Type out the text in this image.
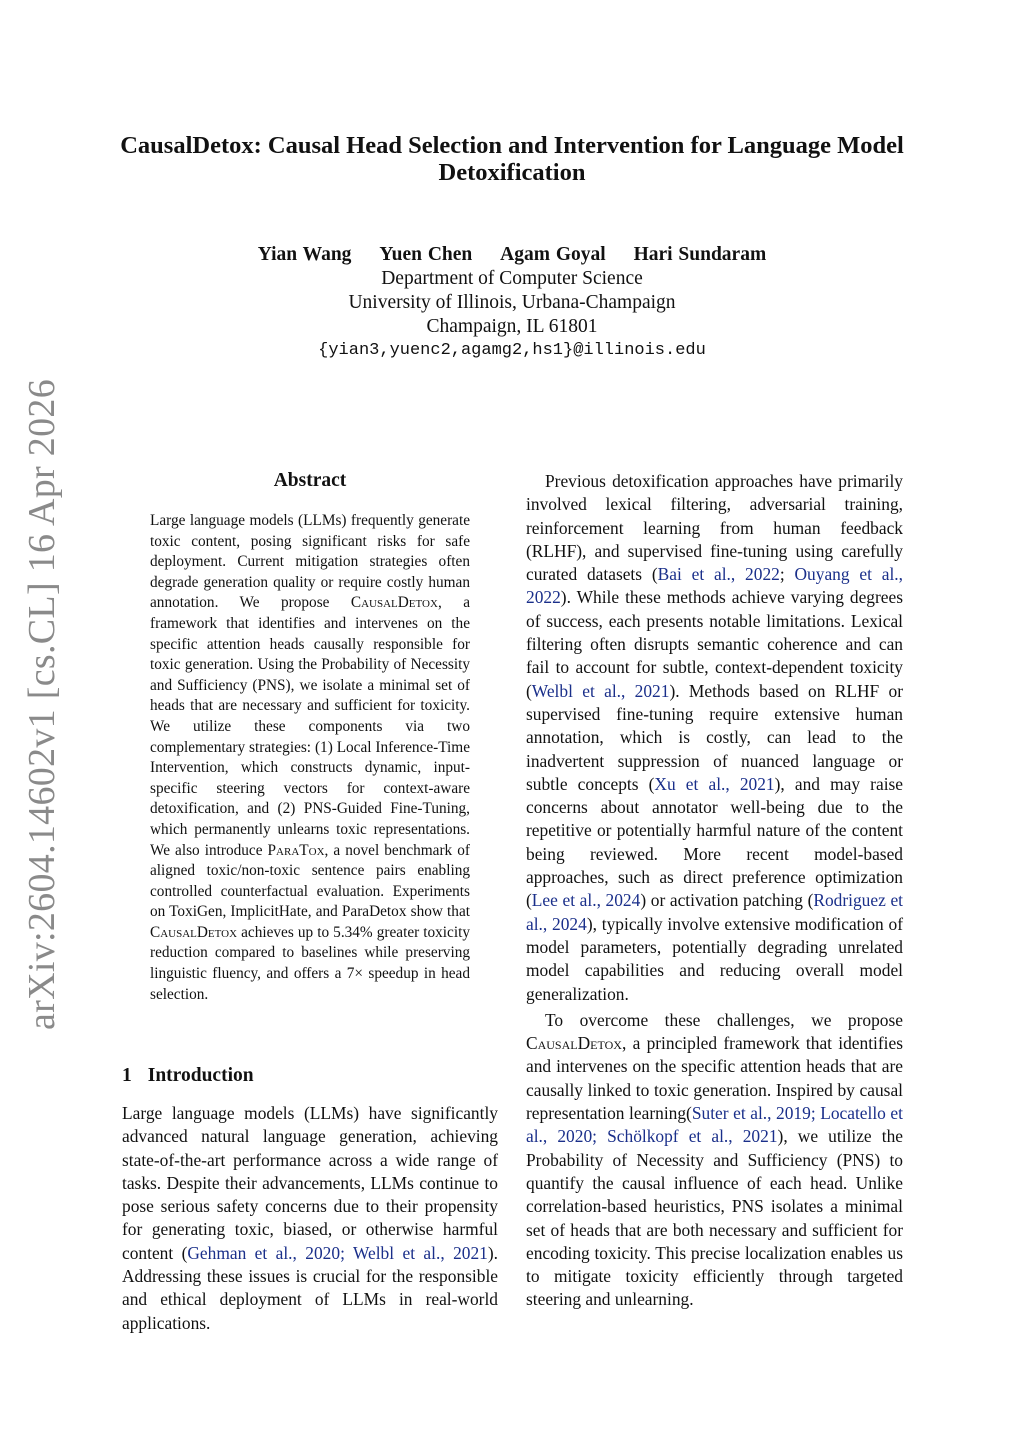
arXiv:2604.14602v1 [cs.CL] 16 Apr 2026
CausalDetox: Causal Head Selection and Intervention for Language Model Detoxification
Yian Wang Yuen Chen Agam Goyal Hari Sundaram
Department of Computer Science
University of Illinois, Urbana-Champaign
Champaign, IL 61801
{yian3,yuenc2,agamg2,hs1}@illinois.edu
Abstract

Large language models (LLMs) frequently generate toxic content, posing significant risks for safe deployment. Current mitigation strategies often degrade generation quality or require costly human annotation. We propose CausalDetox, a framework that identifies and intervenes on the specific attention heads causally responsible for toxic generation. Using the Probability of Necessity and Sufficiency (PNS), we isolate a minimal set of heads that are necessary and sufficient for toxicity. We utilize these components via two complementary strategies: (1) Local Inference-Time Intervention, which constructs dynamic, input-specific steering vectors for context-aware detoxification, and (2) PNS-Guided Fine-Tuning, which permanently unlearns toxic representations. We also introduce ParaTox, a novel benchmark of aligned toxic/non-toxic sentence pairs enabling controlled counterfactual evaluation. Experiments on ToxiGen, ImplicitHate, and ParaDetox show that CausalDetox achieves up to 5.34% greater toxicity reduction compared to baselines while preserving linguistic fluency, and offers a 7× speedup in head selection.

1 Introduction

Large language models (LLMs) have significantly advanced natural language generation, achieving state-of-the-art performance across a wide range of tasks. Despite their advancements, LLMs continue to pose serious safety concerns due to their propensity for generating toxic, biased, or otherwise harmful content (Gehman et al., 2020; Welbl et al., 2021). Addressing these issues is crucial for the responsible and ethical deployment of LLMs in real-world applications.

Previous detoxification approaches have primarily involved lexical filtering, adversarial training, reinforcement learning from human feedback (RLHF), and supervised fine-tuning using carefully curated datasets (Bai et al., 2022; Ouyang et al., 2022). While these methods achieve varying degrees of success, each presents notable limitations. Lexical filtering often disrupts semantic coherence and can fail to account for subtle, context-dependent toxicity (Welbl et al., 2021). Methods based on RLHF or supervised fine-tuning require extensive human annotation, which is costly, can lead to the inadvertent suppression of nuanced language or subtle concepts (Xu et al., 2021), and may raise concerns about annotator well-being due to the repetitive or potentially harmful nature of the content being reviewed. More recent model-based approaches, such as direct preference optimization (Lee et al., 2024) or activation patching (Rodriguez et al., 2024), typically involve extensive modification of model parameters, potentially degrading unrelated model capabilities and reducing overall model generalization.

To overcome these challenges, we propose CausalDetox, a principled framework that identifies and intervenes on the specific attention heads that are causally linked to toxic generation. Inspired by causal representation learning(Suter et al., 2019; Locatello et al., 2020; Schölkopf et al., 2021), we utilize the Probability of Necessity and Sufficiency (PNS) to quantify the causal influence of each head. Unlike correlation-based heuristics, PNS isolates a minimal set of heads that are both necessary and sufficient for encoding toxicity. This precise localization enables us to mitigate toxicity efficiently through targeted steering and unlearning.
